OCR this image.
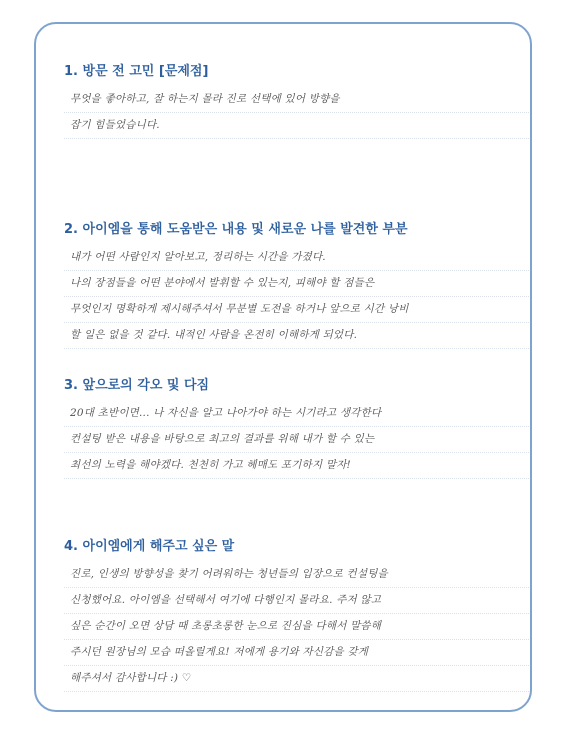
1. 방문 전 고민 [문제점]
무엇을 좋아하고, 잘 하는지 몰라 진로 선택에 있어 방향을
잡기 힘들었습니다.
2. 아이엠을 통해 도움받은 내용 및 새로운 나를 발견한 부분
내가 어떤 사람인지 알아보고, 정리하는 시간을 가졌다.
나의 장점들을 어떤 분야에서 발휘할 수 있는지, 피해야 할 점들은
무엇인지 명확하게 제시해주셔서 무분별 도전을 하거나 앞으로 시간 낭비
할 일은 없을 것 같다. 내적인 사람을 온전히 이해하게 되었다.
3. 앞으로의 각오 및 다짐
20대 초반이면... 나 자신을 알고 나아가야 하는 시기라고 생각한다
컨설팅 받은 내용을 바탕으로 최고의 결과를 위해 내가 할 수 있는
최선의 노력을 해야겠다. 천천히 가고 헤매도 포기하지 말자!
4. 아이엠에게 해주고 싶은 말
진로, 인생의 방향성을 찾기 어려워하는 청년들의 입장으로 컨설팅을
신청했어요. 아이엠을 선택해서 여기에 다행인지 몰라요. 주저 않고
싶은 순간이 오면 상담 때 초롱초롱한 눈으로 진심을 다해서 말씀해
주시던 원장님의 모습 떠올릴게요! 저에게 용기와 자신감을 갖게
해주셔서 감사합니다 :) ♡
